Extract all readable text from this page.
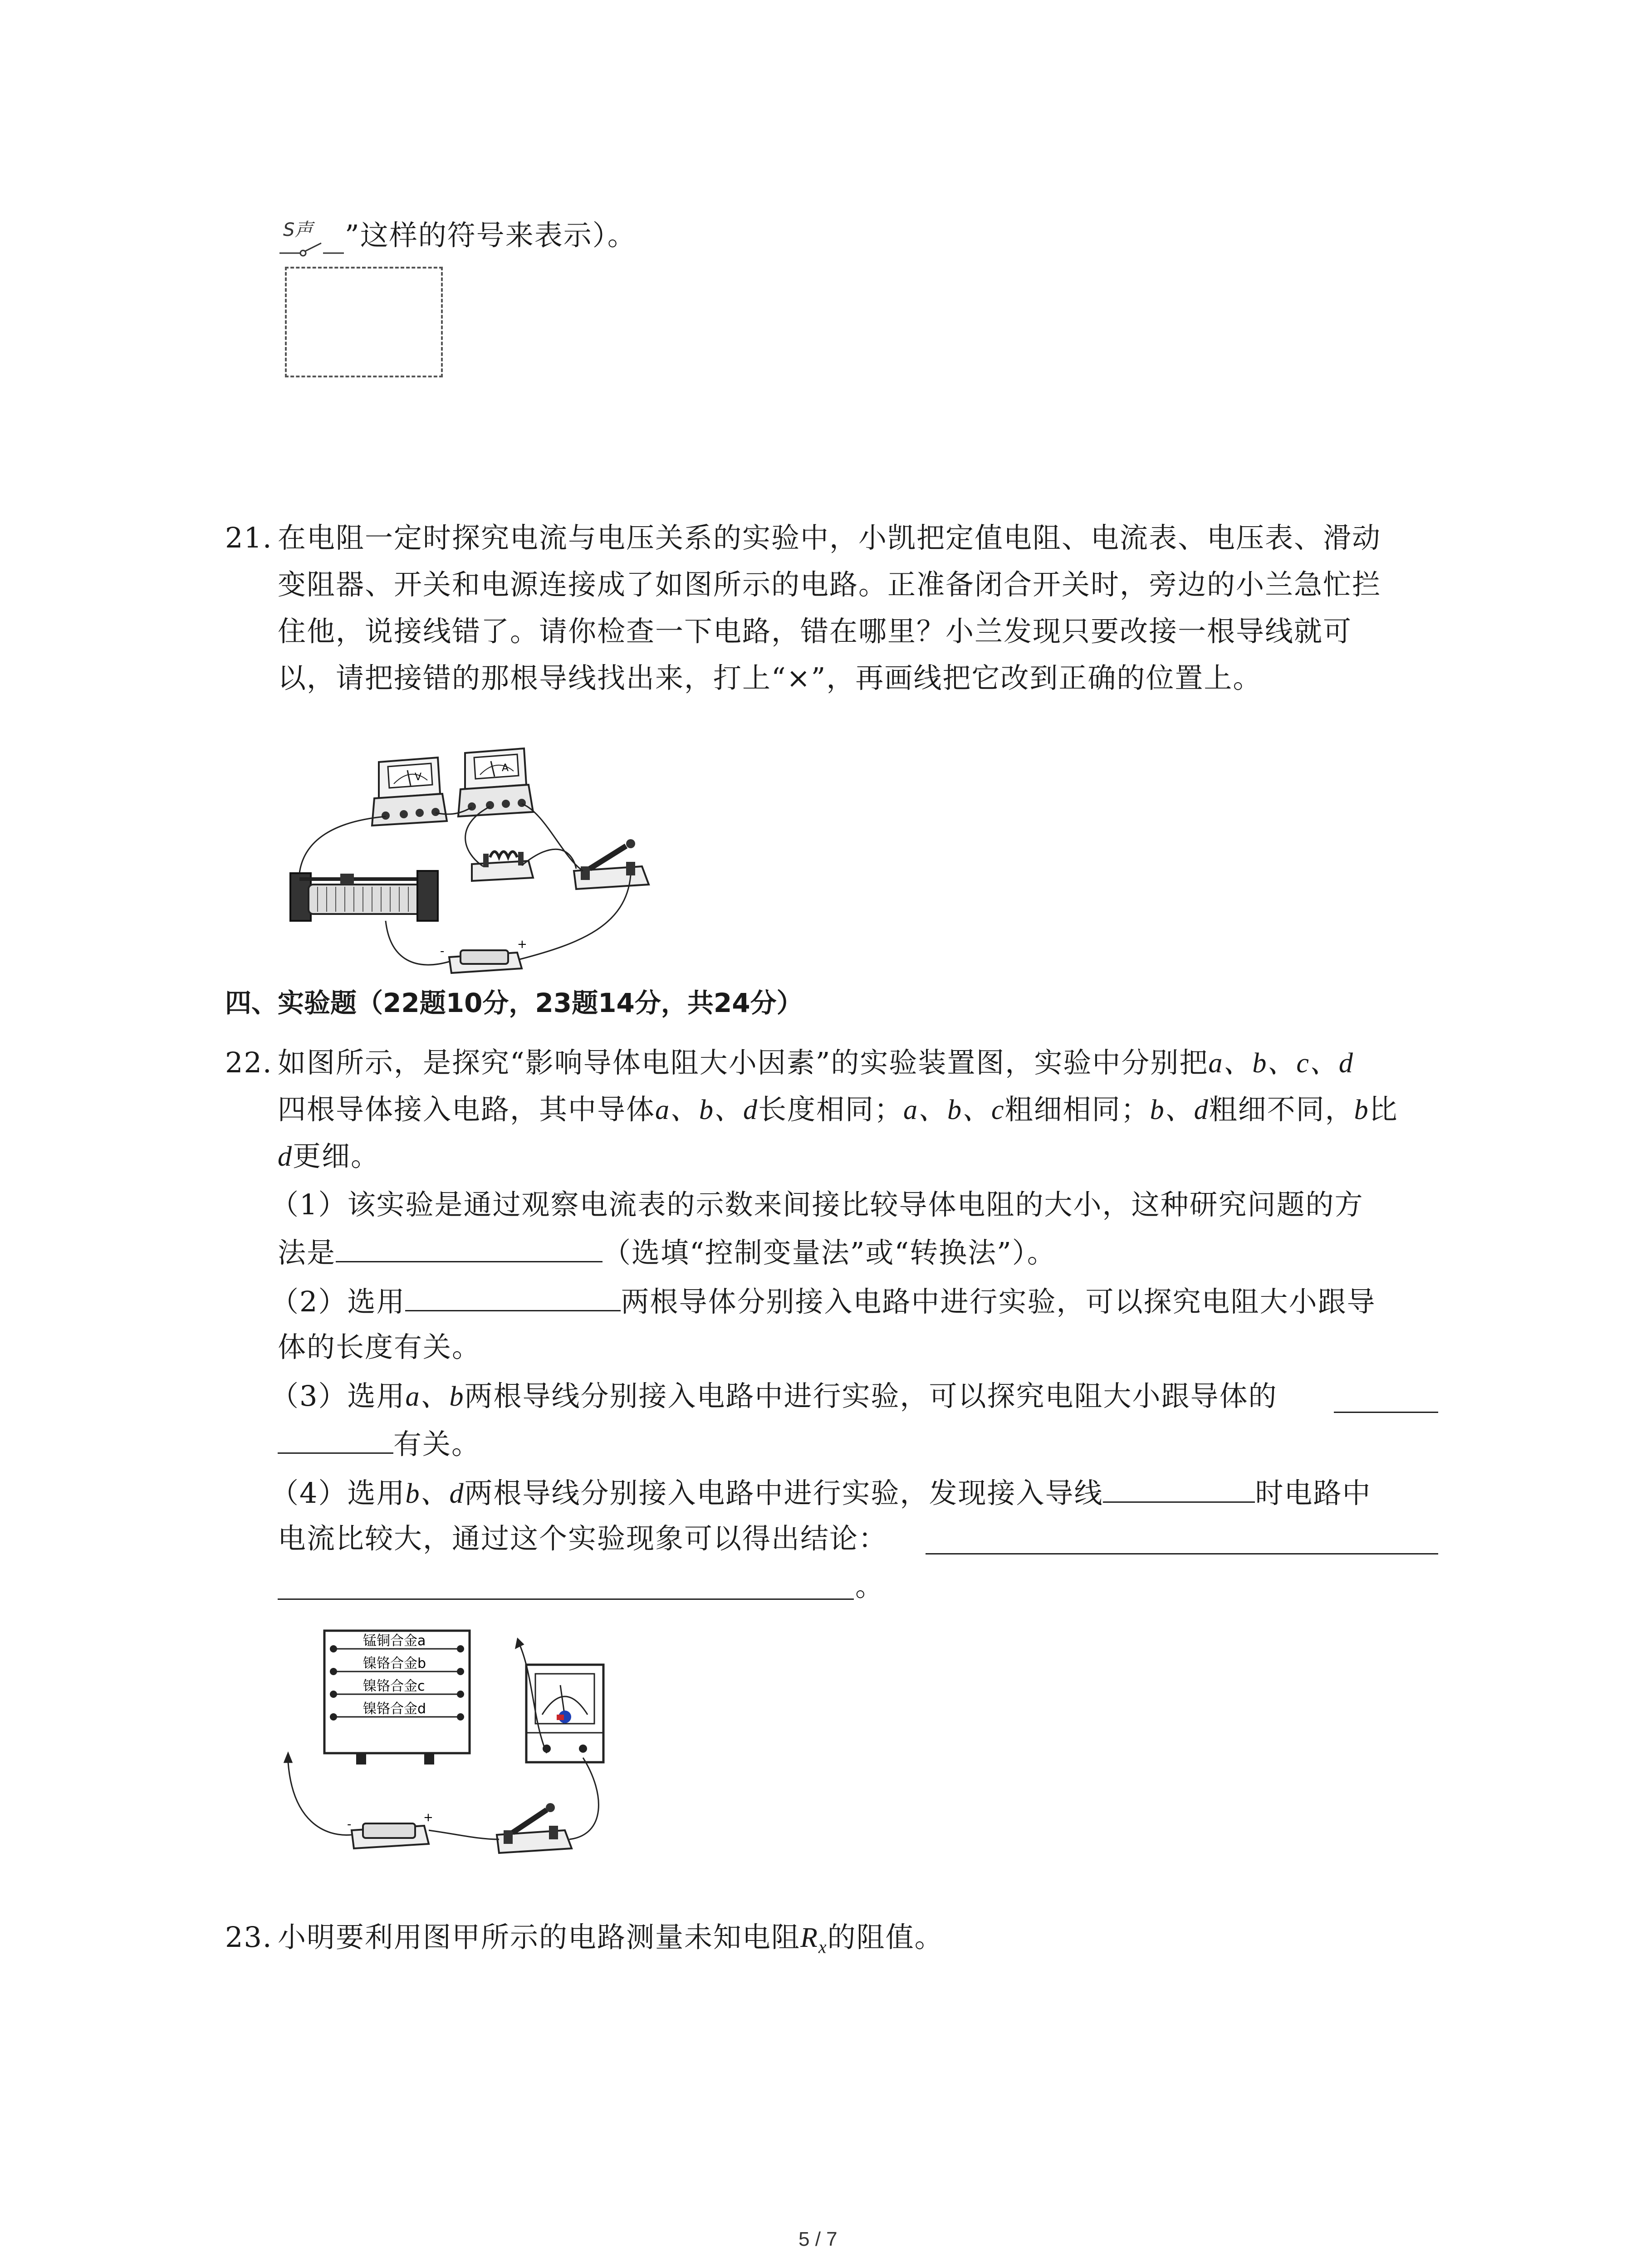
S声 ”这样的符号来表示）。
21. 在电阻一定时探究电流与电压关系的实验中，小凯把定值电阻、电流表、电压表、滑动
变阻器、开关和电源连接成了如图所示的电路。正准备闭合开关时，旁边的小兰急忙拦
住他，说接线错了。请你检查一下电路，错在哪里？小兰发现只要改接一根导线就可
以，请把接错的那根导线找出来，打上“×”，再画线把它改到正确的位置上。
V
A
-	+
四、实验题（22题10分，23题14分，共24分）
22. 如图所示，是探究“影响导体电阻大小因素”的实验装置图，实验中分别把a、b、c、d
四根导体接入电路，其中导体a、b、d长度相同；a、b、c粗细相同；b、d粗细不同，b比
d更细。
（1）该实验是通过观察电流表的示数来间接比较导体电阻的大小，这种研究问题的方
法是	（选填“控制变量法”或“转换法”）。
（2）选用	两根导体分别接入电路中进行实验，可以探究电阻大小跟导
体的长度有关。
（3）选用a、b两根导线分别接入电路中进行实验，可以探究电阻大小跟导体的
有关。
（4）选用b、d两根导线分别接入电路中进行实验，发现接入导线	时电路中
电流比较大，通过这个实验现象可以得出结论：
。
锰铜合金a
镍铬合金b
镍铬合金c
镍铬合金d
-	+
23. 小明要利用图甲所示的电路测量未知电阻$R_x$的阻值。
5 / 7
